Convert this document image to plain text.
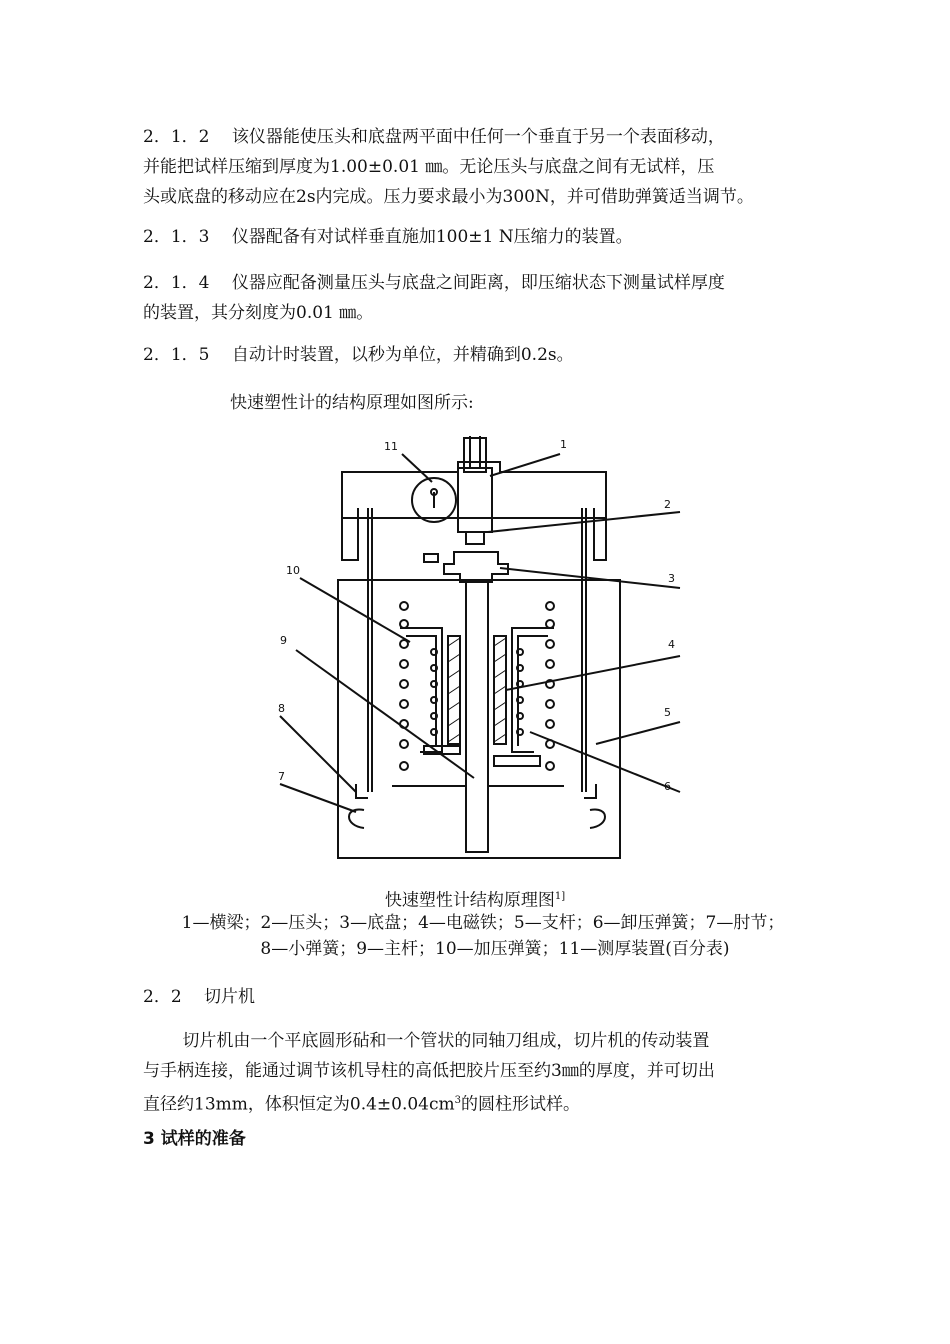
2．1．2　 该仪器能使压头和底盘两平面中任何一个垂直于另一个表面移动，
并能把试样压缩到厚度为1.00±0.01 ㎜。无论压头与底盘之间有无试样，压
头或底盘的移动应在2s内完成。压力要求最小为300N，并可借助弹簧适当调节。
2．1．3　 仪器配备有对试样垂直施加100±1 N压缩力的装置。
2．1．4　 仪器应配备测量压头与底盘之间距离，即压缩状态下测量试样厚度
的装置，其分刻度为0.01 ㎜。
2．1．5　 自动计时装置，以秒为单位，并精确到0.2s。
快速塑性计的结构原理如图所示:
11	1
2
3
10
9	4
5
8
6
7
快速塑性计结构原理图$^{1]}$
1—横梁；2—压头；3—底盘；4—电磁铁；5—支杆；6—卸压弹簧；7—肘节；
8—小弹簧；9—主杆；10—加压弹簧；11—测厚装置(百分表)
2．2　 切片机
　　 切片机由一个平底圆形砧和一个管状的同轴刀组成，切片机的传动装置
与手柄连接，能通过调节该机导柱的高低把胶片压至约3㎜的厚度，并可切出
直径约13mm，体积恒定为$0.4\pm 0.04cm^3$的圆柱形试样。
3 试样的准备
